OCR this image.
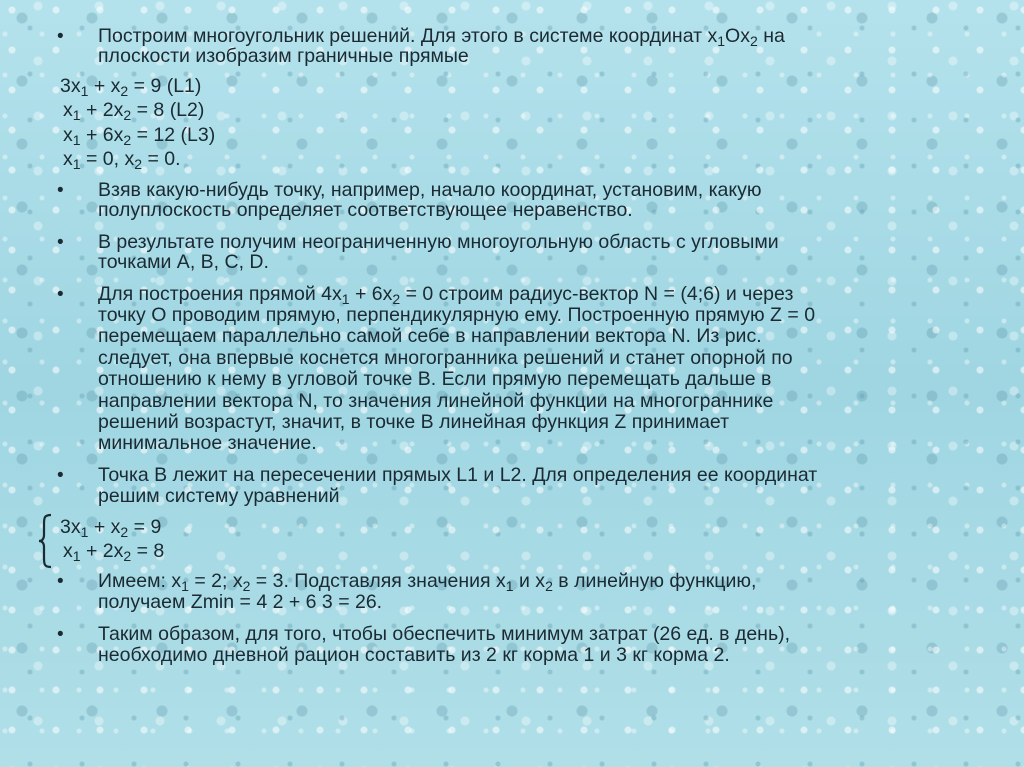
• Построим многоугольник решений. Для этого в системе координат $x_1Ox_2$ на
плоскости изобразим граничные прямые
$3x_1 + x_2 = 9$ (L1)
$x_1 + 2x_2 = 8$ (L2)
$x_1 + 6x_2 = 12$ (L3)
$x_1 = 0$, $x_2 = 0$.
• Взяв какую-нибудь точку, например, начало координат, установим, какую
полуплоскость определяет соответствующее неравенство.
• В результате получим неограниченную многоугольную область с угловыми
точками А, В, С, D.
• Для построения прямой $4x_1 + 6x_2 = 0$ строим радиус-вектор N = (4;6) и через
точку О проводим прямую, перпендикулярную ему. Построенную прямую Z = 0
перемещаем параллельно самой себе в направлении вектора N. Из рис.
следует, она впервые коснется многогранника решений и станет опорной по
отношению к нему в угловой точке В. Если прямую перемещать дальше в
направлении вектора N, то значения линейной функции на многограннике
решений возрастут, значит, в точке В линейная функция Z принимает
минимальное значение.
• Точка В лежит на пересечении прямых L1 и L2. Для определения ее координат
решим систему уравнений
$3x_1 + x_2 = 9$
$x_1 + 2x_2 = 8$
• Имеем: $x_1 = 2$; $x_2 = 3$. Подставляя значения $x_1$ и $x_2$ в линейную функцию,
получаем Zmin = 4 2 + 6 3 = 26.
• Таким образом, для того, чтобы обеспечить минимум затрат (26 ед. в день),
необходимо дневной рацион составить из 2 кг корма 1 и 3 кг корма 2.
